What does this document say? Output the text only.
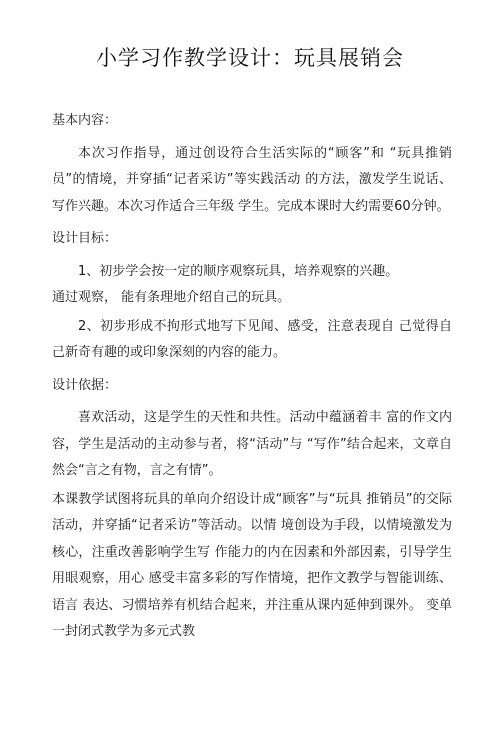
小学习作教学设计：玩具展销会

基本内容：

本次习作指导，通过创设符合生活实际的“顾客”和 “玩具推销员”的情境，并穿插“记者采访”等实践活动 的方法，激发学生说话、写作兴趣。本次习作适合三年级 学生。完成本课时大约需要60分钟。

设计目标：

1、初步学会按一定的顺序观察玩具，培养观察的兴趣。

通过观察， 能有条理地介绍自己的玩具。

2、初步形成不拘形式地写下见闻、感受，注意表现自 己觉得自己新奇有趣的或印象深刻的内容的能力。

设计依据：

喜欢活动，这是学生的天性和共性。活动中蕴涵着丰 富的作文内容，学生是活动的主动参与者，将“活动”与 “写作”结合起来，文章自然会“言之有物，言之有情”。

本课教学试图将玩具的单向介绍设计成“顾客”与“玩具 推销员”的交际活动，并穿插“记者采访”等活动。以情 境创设为手段，以情境激发为核心，注重改善影响学生写 作能力的内在因素和外部因素，引导学生用眼观察，用心 感受丰富多彩的写作情境，把作文教学与智能训练、语言 表达、习惯培养有机结合起来，并注重从课内延伸到课外。 变单一封闭式教学为多元式教
